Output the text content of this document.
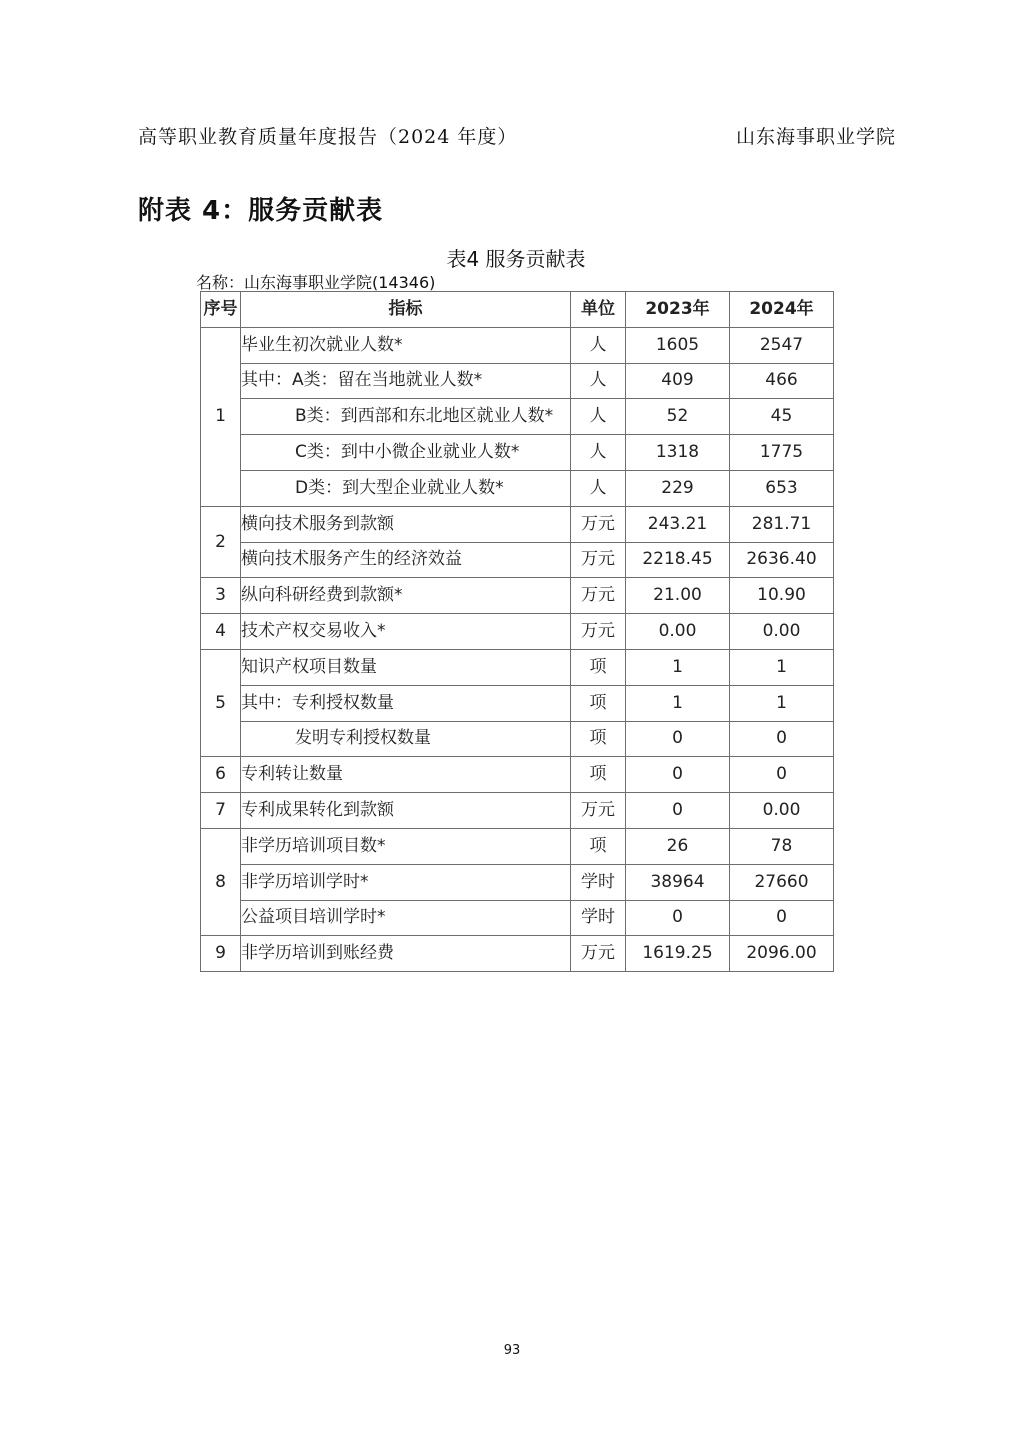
高等职业教育质量年度报告（2024 年度）	山东海事职业学院
附表 4：服务贡献表
表4 服务贡献表
名称：山东海事职业学院(14346)
序号	指标	单位	2023年	2024年
1	毕业生初次就业人数*	人	1605	2547
	其中：A类：留在当地就业人数*	人	409	466
	B类：到西部和东北地区就业人数*	人	52	45
	C类：到中小微企业就业人数*	人	1318	1775
	D类：到大型企业就业人数*	人	229	653
2	横向技术服务到款额	万元	243.21	281.71
	横向技术服务产生的经济效益	万元	2218.45	2636.40
3	纵向科研经费到款额*	万元	21.00	10.90
4	技术产权交易收入*	万元	0.00	0.00
5	知识产权项目数量	项	1	1
	其中：专利授权数量	项	1	1
	发明专利授权数量	项	0	0
6	专利转让数量	项	0	0
7	专利成果转化到款额	万元	0	0.00
8	非学历培训项目数*	项	26	78
	非学历培训学时*	学时	38964	27660
	公益项目培训学时*	学时	0	0
9	非学历培训到账经费	万元	1619.25	2096.00
93
